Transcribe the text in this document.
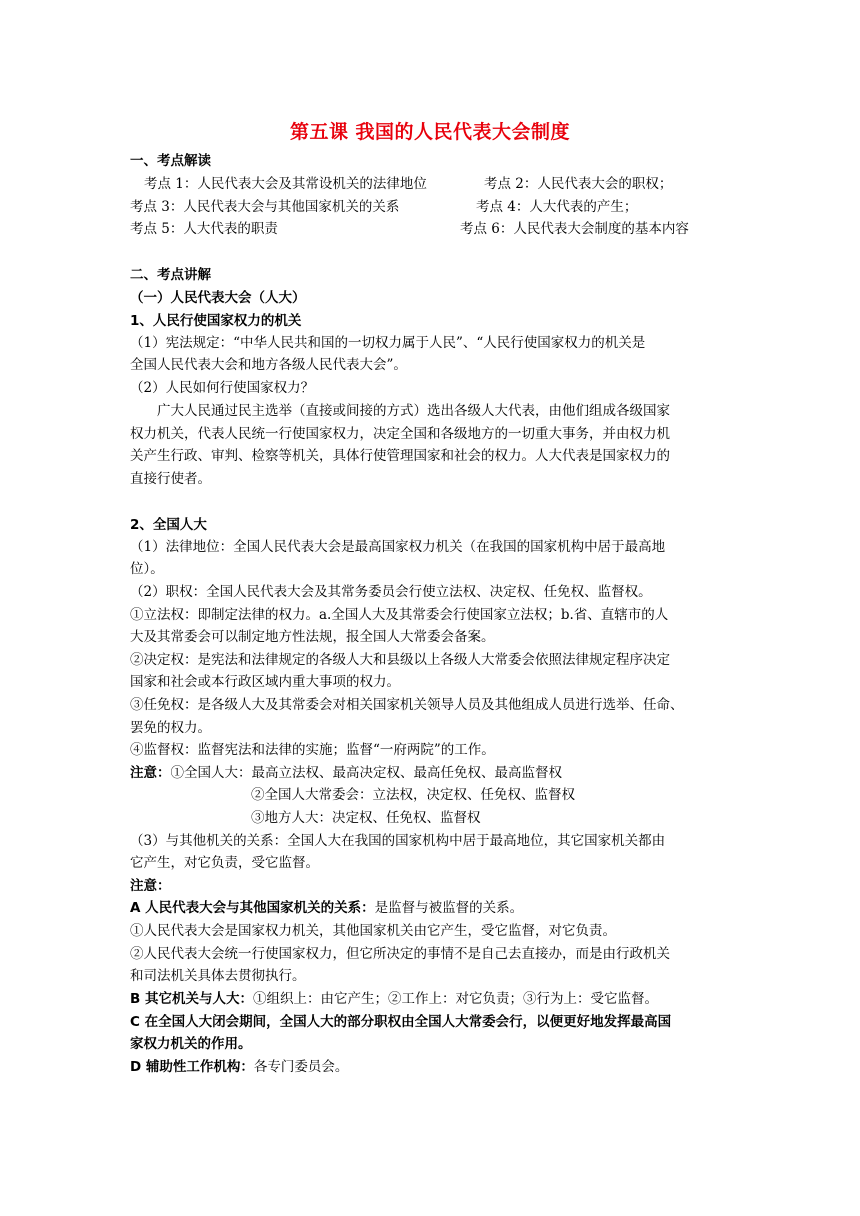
第五课 我国的人民代表大会制度
一、考点解读
考点 1：人民代表大会及其常设机关的法律地位	考点 2：人民代表大会的职权；
考点 3：人民代表大会与其他国家机关的关系	考点 4：人大代表的产生；
考点 5：人大代表的职责	考点 6：人民代表大会制度的基本内容
二、考点讲解
（一）人民代表大会（人大）
1、人民行使国家权力的机关
（1）宪法规定：“中华人民共和国的一切权力属于人民”、“人民行使国家权力的机关是
全国人民代表大会和地方各级人民代表大会”。
（2）人民如何行使国家权力？
广大人民通过民主选举（直接或间接的方式）选出各级人大代表，由他们组成各级国家
权力机关，代表人民统一行使国家权力，决定全国和各级地方的一切重大事务，并由权力机
关产生行政、审判、检察等机关，具体行使管理国家和社会的权力。人大代表是国家权力的
直接行使者。
2、全国人大
（1）法律地位：全国人民代表大会是最高国家权力机关（在我国的国家机构中居于最高地
位）。
（2）职权：全国人民代表大会及其常务委员会行使立法权、决定权、任免权、监督权。
①立法权：即制定法律的权力。a.全国人大及其常委会行使国家立法权；b.省、直辖市的人
大及其常委会可以制定地方性法规，报全国人大常委会备案。
②决定权：是宪法和法律规定的各级人大和县级以上各级人大常委会依照法律规定程序决定
国家和社会或本行政区域内重大事项的权力。
③任免权：是各级人大及其常委会对相关国家机关领导人员及其他组成人员进行选举、任命、
罢免的权力。
④监督权：监督宪法和法律的实施；监督“一府两院”的工作。
注意：①全国人大：最高立法权、最高决定权、最高任免权、最高监督权
②全国人大常委会：立法权，决定权、任免权、监督权
③地方人大：决定权、任免权、监督权
（3）与其他机关的关系：全国人大在我国的国家机构中居于最高地位，其它国家机关都由
它产生，对它负责，受它监督。
注意：
A 人民代表大会与其他国家机关的关系：是监督与被监督的关系。
①人民代表大会是国家权力机关，其他国家机关由它产生，受它监督，对它负责。
②人民代表大会统一行使国家权力，但它所决定的事情不是自己去直接办，而是由行政机关
和司法机关具体去贯彻执行。
B 其它机关与人大：①组织上：由它产生；②工作上：对它负责；③行为上：受它监督。
C 在全国人大闭会期间，全国人大的部分职权由全国人大常委会行，以便更好地发挥最高国
家权力机关的作用。
D 辅助性工作机构：各专门委员会。
